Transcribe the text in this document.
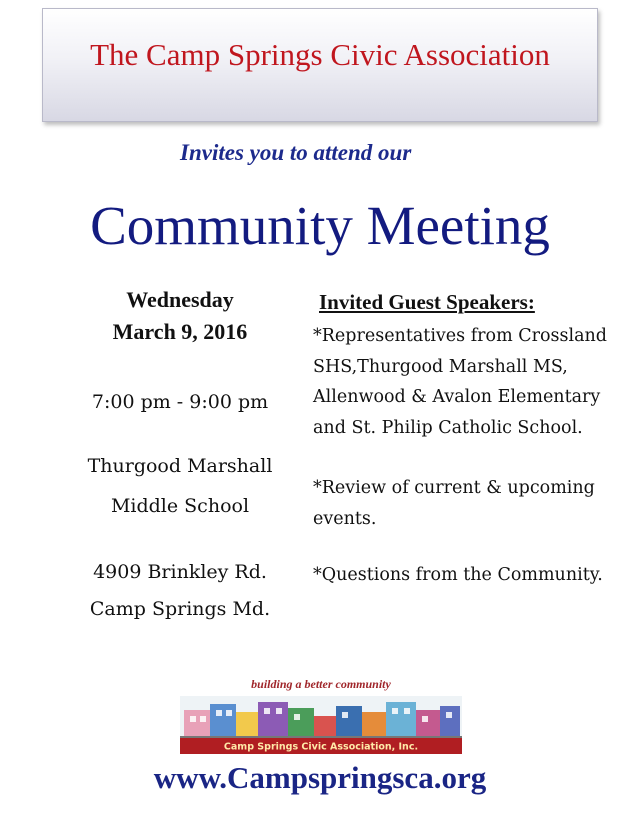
The Camp Springs Civic Association
Invites you to attend our
Community Meeting
Wednesday
March 9, 2016
7:00 pm - 9:00 pm
Thurgood Marshall
Middle School
4909 Brinkley Rd.
Camp Springs Md.
Invited Guest Speakers:

*Representatives from Crossland SHS,Thurgood Marshall MS, Allenwood & Avalon Elementary and St. Philip Catholic School.

*Review of current & upcoming events.

*Questions from the Community.

building a better community
Camp Springs Civic Association, Inc.
www.Campspringsca.org
